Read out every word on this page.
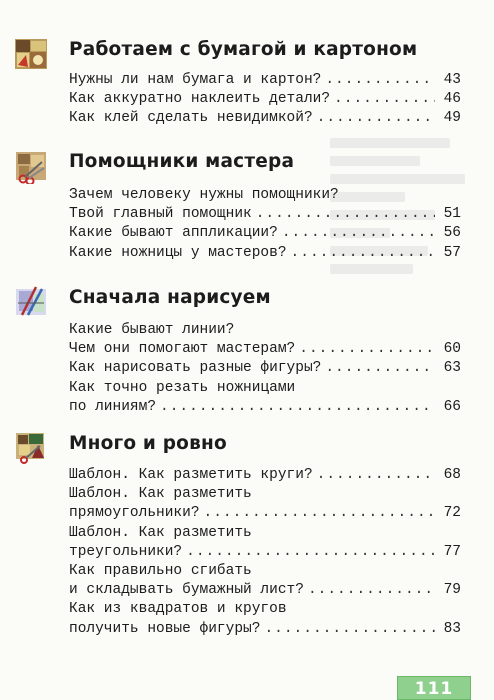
Работаем с бумагой и картоном
Нужны ли нам бумага и картон? .....	43
Как аккуратно наклеить детали? .....	46
Как клей сделать невидимкой? .....	49
Помощники мастера
Зачем человеку нужны помощники?
Твой главный помощник .....	51
Какие бывают аппликации? .....	56
Какие ножницы у мастеров? .....	57
Сначала нарисуем
Какие бывают линии?
Чем они помогают мастерам? .....	60
Как нарисовать разные фигуры? .....	63
Как точно резать ножницами
по линиям? .....	66
Много и ровно
Шаблон. Как разметить круги? .....	68
Шаблон. Как разметить
прямоугольники? .....	72
Шаблон. Как разметить
треугольники? .....	77
Как правильно сгибать
и складывать бумажный лист? .....	79
Как из квадратов и кругов
получить новые фигуры? .....	83
111
